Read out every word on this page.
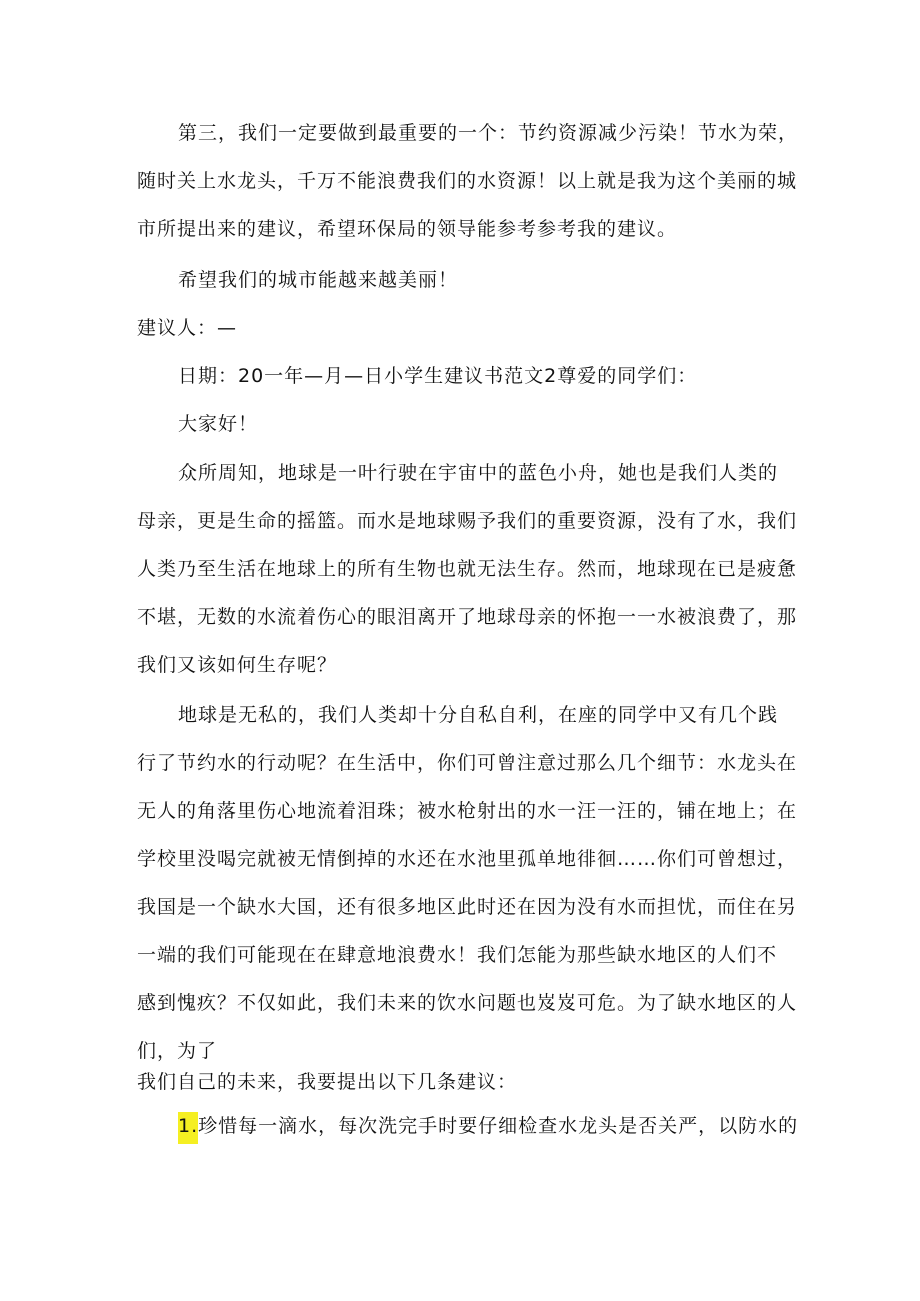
第三，我们一定要做到最重要的一个：节约资源减少污染！节水为荣，
随时关上水龙头，千万不能浪费我们的水资源！以上就是我为这个美丽的城
市所提出来的建议，希望环保局的领导能参考参考我的建议。
希望我们的城市能越来越美丽！
建议人：—
日期：20一年—月—日小学生建议书范文2尊爱的同学们：
大家好！
众所周知，地球是一叶行驶在宇宙中的蓝色小舟，她也是我们人类的
母亲，更是生命的摇篮。而水是地球赐予我们的重要资源，没有了水，我们
人类乃至生活在地球上的所有生物也就无法生存。然而，地球现在已是疲惫
不堪，无数的水流着伤心的眼泪离开了地球母亲的怀抱一一水被浪费了，那
我们又该如何生存呢？
地球是无私的，我们人类却十分自私自利，在座的同学中又有几个践
行了节约水的行动呢？在生活中，你们可曾注意过那么几个细节：水龙头在
无人的角落里伤心地流着泪珠；被水枪射出的水一汪一汪的，铺在地上；在
学校里没喝完就被无情倒掉的水还在水池里孤单地徘徊……你们可曾想过，
我国是一个缺水大国，还有很多地区此时还在因为没有水而担忧，而住在另
一端的我们可能现在在肆意地浪费水！我们怎能为那些缺水地区的人们不
感到愧疚？不仅如此，我们未来的饮水问题也岌岌可危。为了缺水地区的人
们，为了
我们自己的未来，我要提出以下几条建议：
1.珍惜每一滴水，每次洗完手时要仔细检查水龙头是否关严，以防水的
